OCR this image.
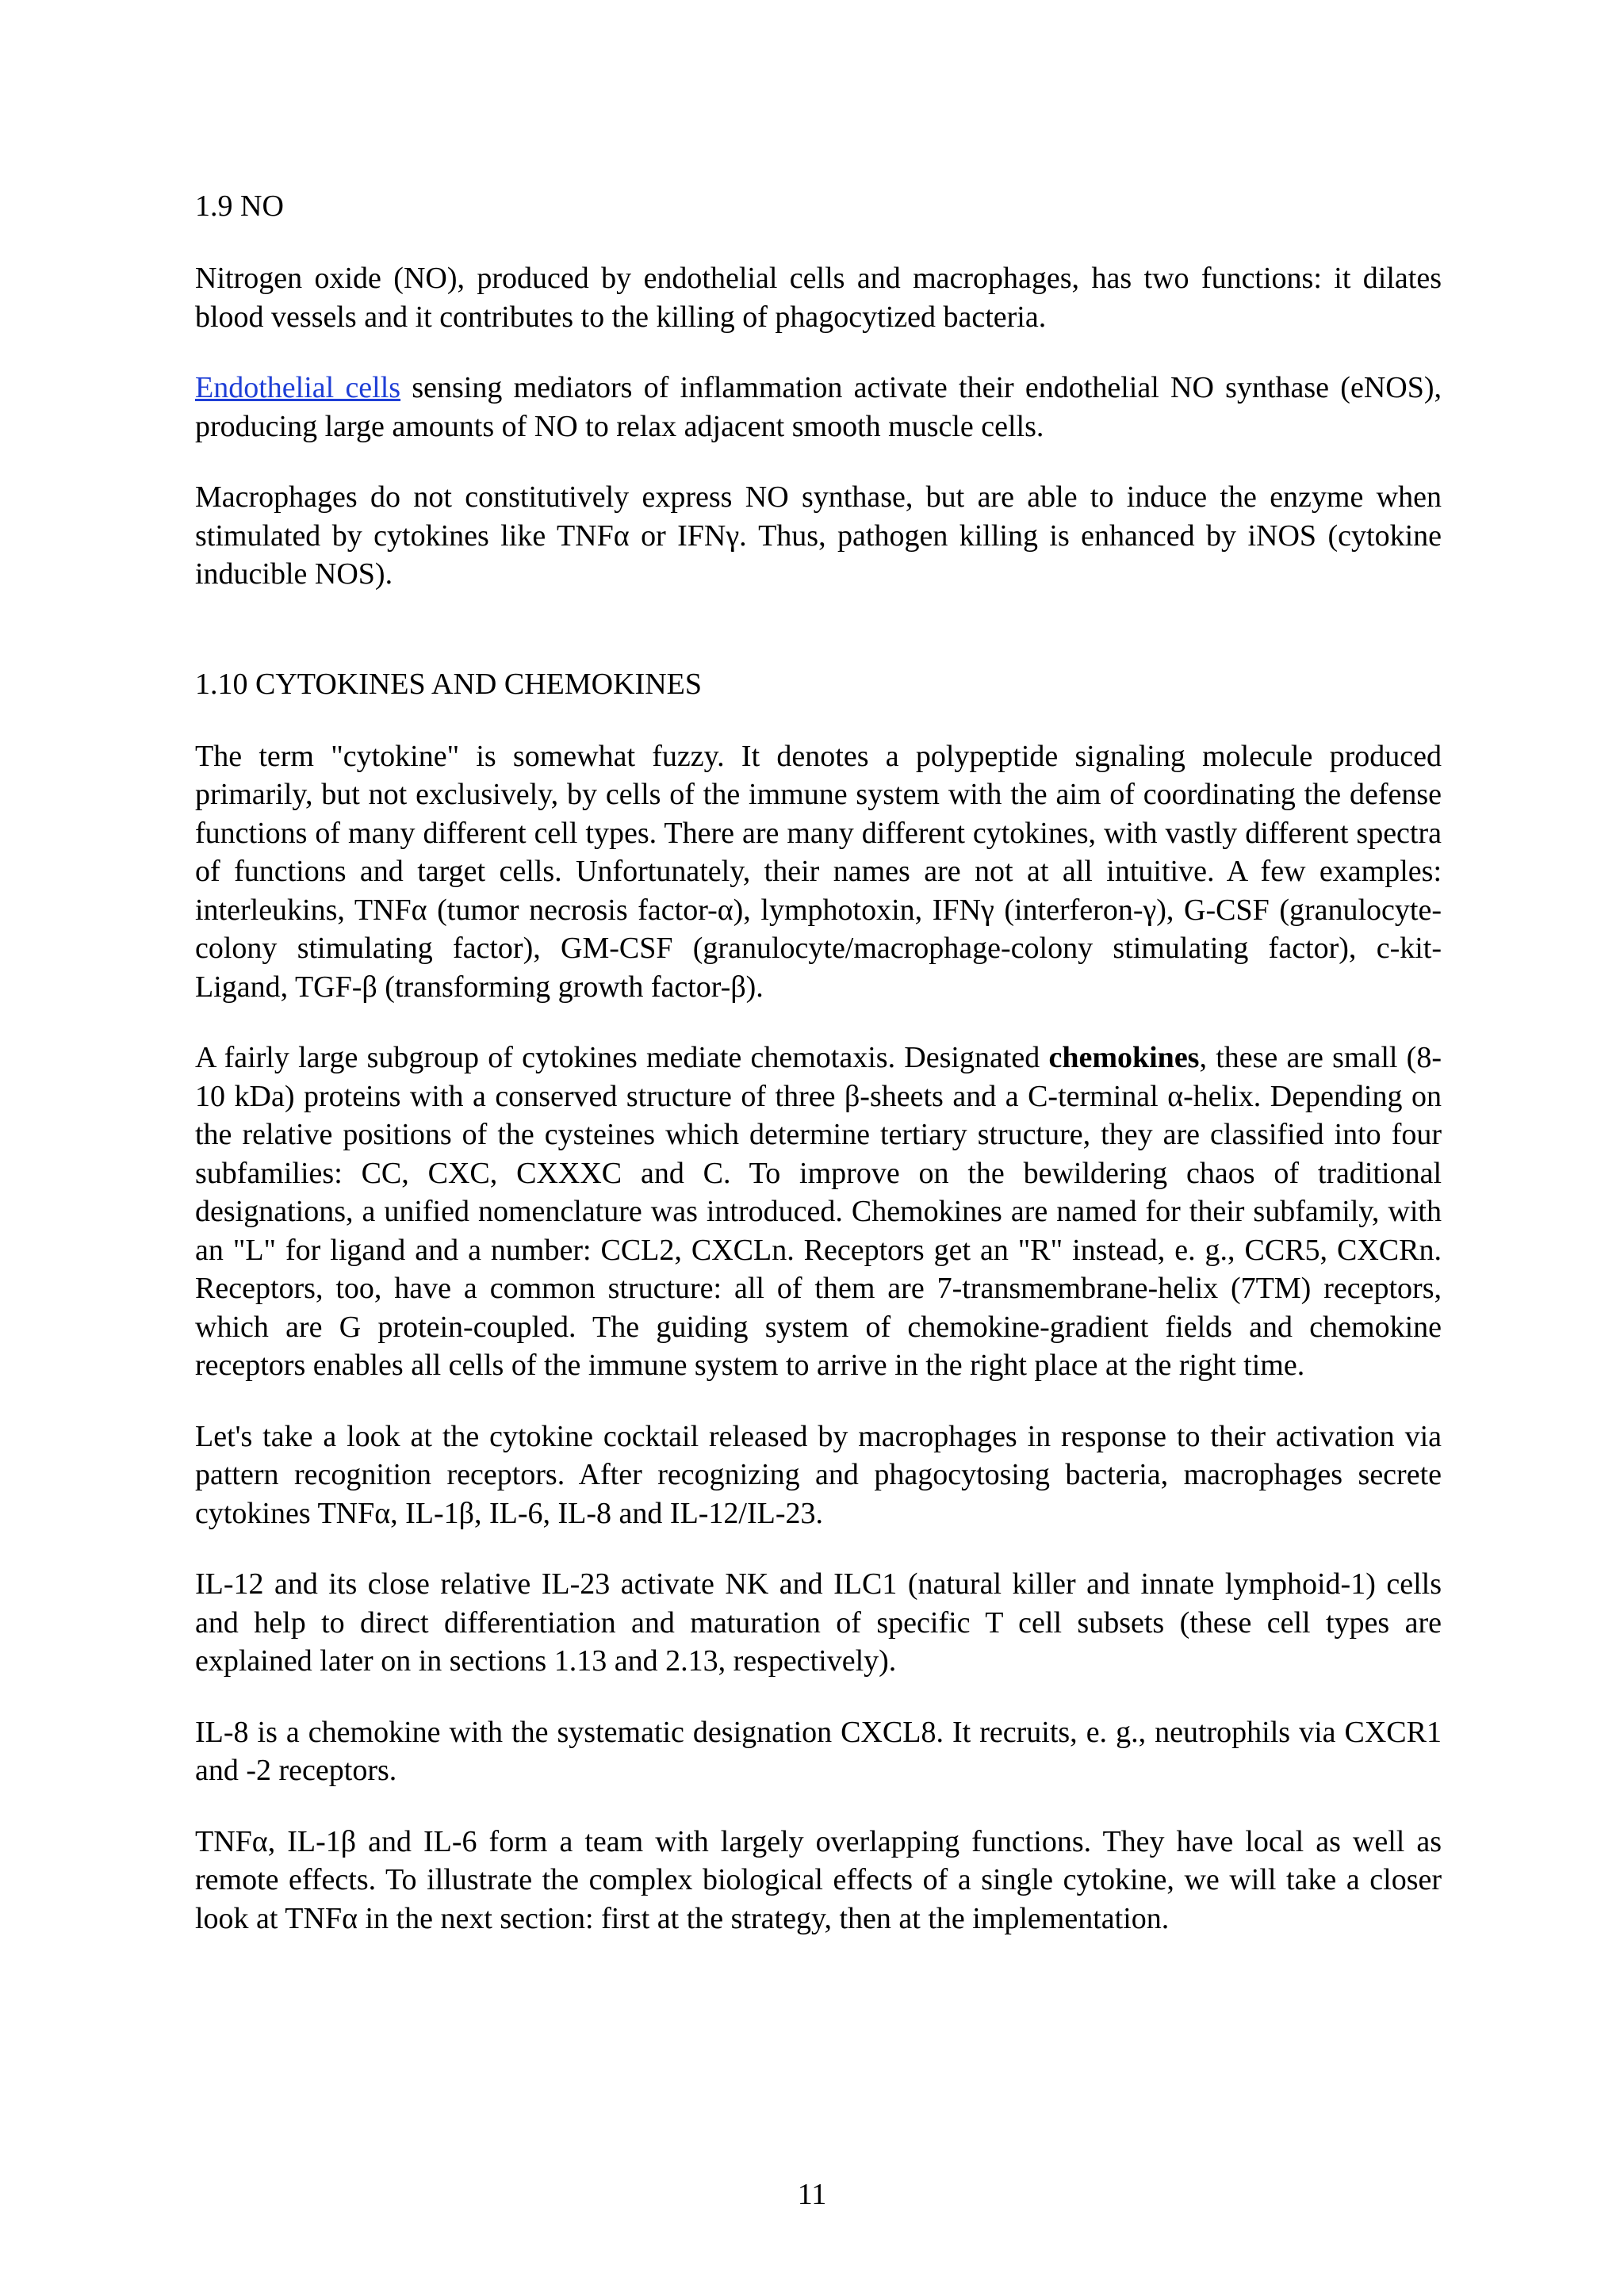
1.9 NO

Nitrogen oxide (NO), produced by endothelial cells and macrophages, has two functions: it dilates blood vessels and it contributes to the killing of phagocytized bacteria.

Endothelial cells sensing mediators of inflammation activate their endothelial NO synthase (eNOS), producing large amounts of NO to relax adjacent smooth muscle cells.

Macrophages do not constitutively express NO synthase, but are able to induce the enzyme when stimulated by cytokines like TNFα or IFNγ. Thus, pathogen killing is enhanced by iNOS (cytokine inducible NOS).

1.10 CYTOKINES AND CHEMOKINES

The term "cytokine" is somewhat fuzzy. It denotes a polypeptide signaling molecule produced primarily, but not exclusively, by cells of the immune system with the aim of coordinating the defense functions of many different cell types. There are many different cytokines, with vastly different spectra of functions and target cells. Unfortunately, their names are not at all intuitive. A few examples: interleukins, TNFα (tumor necrosis factor-α), lymphotoxin, IFNγ (interferon-γ), G-CSF (granulocyte-colony stimulating factor), GM-CSF (granulocyte/macrophage-colony stimulating factor), c-kit-Ligand, TGF-β (transforming growth factor-β).

A fairly large subgroup of cytokines mediate chemotaxis. Designated chemokines, these are small (8-10 kDa) proteins with a conserved structure of three β-sheets and a C-terminal α-helix. Depending on the relative positions of the cysteines which determine tertiary structure, they are classified into four subfamilies: CC, CXC, CXXXC and C. To improve on the bewildering chaos of traditional designations, a unified nomenclature was introduced. Chemokines are named for their subfamily, with an "L" for ligand and a number: CCL2, CXCLn. Receptors get an "R" instead, e. g., CCR5, CXCRn. Receptors, too, have a common structure: all of them are 7-transmembrane-helix (7TM) receptors, which are G protein-coupled. The guiding system of chemokine-gradient fields and chemokine receptors enables all cells of the immune system to arrive in the right place at the right time.

Let's take a look at the cytokine cocktail released by macrophages in response to their activation via pattern recognition receptors. After recognizing and phagocytosing bacteria, macrophages secrete cytokines TNFα, IL-1β, IL-6, IL-8 and IL-12/IL-23.

IL-12 and its close relative IL-23 activate NK and ILC1 (natural killer and innate lymphoid-1) cells and help to direct differentiation and maturation of specific T cell subsets (these cell types are explained later on in sections 1.13 and 2.13, respectively).

IL-8 is a chemokine with the systematic designation CXCL8. It recruits, e. g., neutrophils via CXCR1 and -2 receptors.

TNFα, IL-1β and IL-6 form a team with largely overlapping functions. They have local as well as remote effects. To illustrate the complex biological effects of a single cytokine, we will take a closer look at TNFα in the next section: first at the strategy, then at the implementation.

11
